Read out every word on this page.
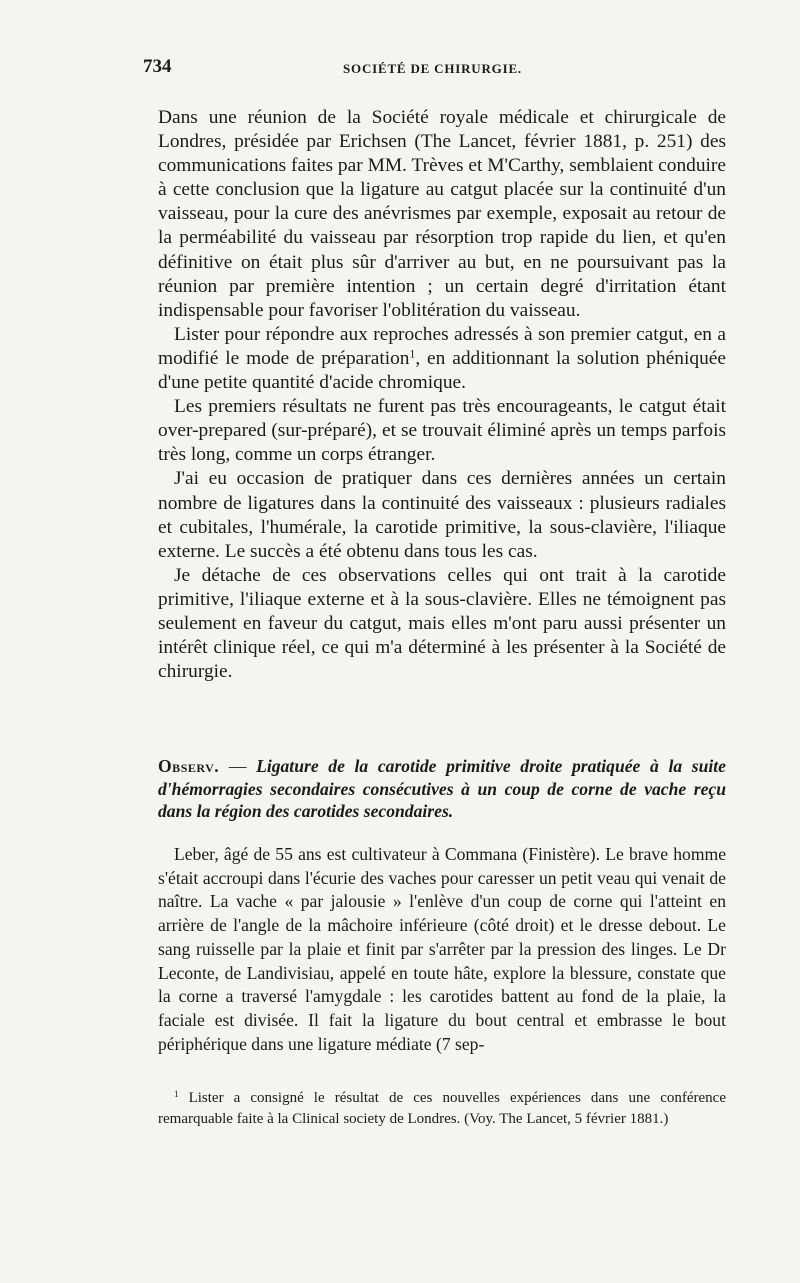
734	SOCIÉTÉ DE CHIRURGIE.

Dans une réunion de la Société royale médicale et chirurgicale de Londres, présidée par Erichsen (The Lancet, février 1881, p. 251) des communications faites par MM. Trèves et M'Carthy, semblaient conduire à cette conclusion que la ligature au catgut placée sur la continuité d'un vaisseau, pour la cure des anévrismes par exemple, exposait au retour de la perméabilité du vaisseau par résorption trop rapide du lien, et qu'en définitive on était plus sûr d'arriver au but, en ne poursuivant pas la réunion par première intention ; un certain degré d'irritation étant indispensable pour favoriser l'oblitération du vaisseau.

Lister pour répondre aux reproches adressés à son premier catgut, en a modifié le mode de préparation$^1$, en additionnant la solution phéniquée d'une petite quantité d'acide chromique.

Les premiers résultats ne furent pas très encourageants, le catgut était over-prepared (sur-préparé), et se trouvait éliminé après un temps parfois très long, comme un corps étranger.

J'ai eu occasion de pratiquer dans ces dernières années un certain nombre de ligatures dans la continuité des vaisseaux : plusieurs radiales et cubitales, l'humérale, la carotide primitive, la sous-clavière, l'iliaque externe. Le succès a été obtenu dans tous les cas.

Je détache de ces observations celles qui ont trait à la carotide primitive, l'iliaque externe et à la sous-clavière. Elles ne témoignent pas seulement en faveur du catgut, mais elles m'ont paru aussi présenter un intérêt clinique réel, ce qui m'a déterminé à les présenter à la Société de chirurgie.

Observ. — Ligature de la carotide primitive droite pratiquée à la suite d'hémorragies secondaires consécutives à un coup de corne de vache reçu dans la région des carotides secondaires.

Leber, âgé de 55 ans est cultivateur à Commana (Finistère). Le brave homme s'était accroupi dans l'écurie des vaches pour caresser un petit veau qui venait de naître. La vache « par jalousie » l'enlève d'un coup de corne qui l'atteint en arrière de l'angle de la mâchoire inférieure (côté droit) et le dresse debout. Le sang ruisselle par la plaie et finit par s'arrêter par la pression des linges. Le Dr Leconte, de Landivisiau, appelé en toute hâte, explore la blessure, constate que la corne a traversé l'amygdale : les carotides battent au fond de la plaie, la faciale est divisée. Il fait la ligature du bout central et embrasse le bout périphérique dans une ligature médiate (7 sep-

$^1$ Lister a consigné le résultat de ces nouvelles expériences dans une conférence remarquable faite à la Clinical society de Londres. (Voy. The Lancet, 5 février 1881.)
